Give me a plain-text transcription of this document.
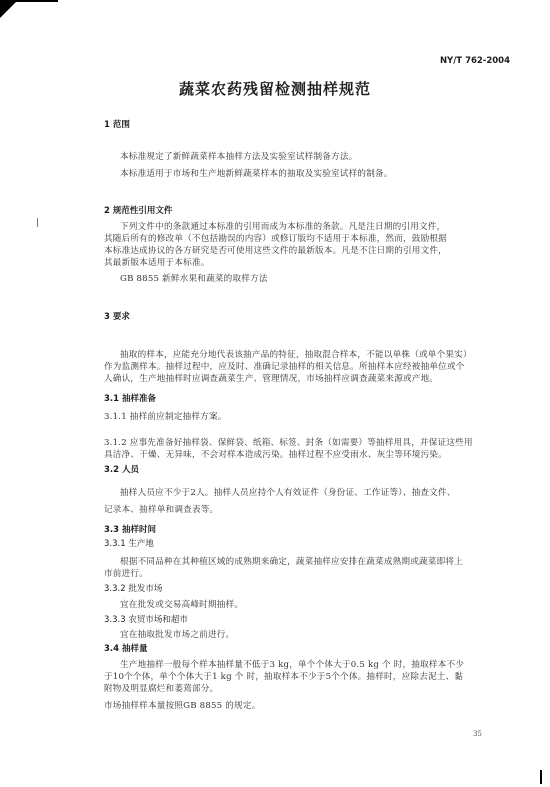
NY/T 762-2004
蔬菜农药残留检测抽样规范
1 范围
本标准规定了新鲜蔬菜样本抽样方法及实验室试样制备方法。
本标准适用于市场和生产地新鲜蔬菜样本的抽取及实验室试样的制备。
2 规范性引用文件
下列文件中的条款通过本标准的引用而成为本标准的条款。凡是注日期的引用文件，
其随后所有的修改单（不包括勘误的内容）或修订版均不适用于本标准，然而，鼓励根据
本标准达成协议的各方研究是否可使用这些文件的最新版本。凡是不注日期的引用文件，
其最新版本适用于本标准。
GB 8855 新鲜水果和蔬菜的取样方法
3 要求
抽取的样本，应能充分地代表该抽产品的特征，抽取混合样本，不能以单株（或单个果实）
作为监测样本。抽样过程中，应及时、准确记录抽样的相关信息。所抽样本应经被抽单位或个
人确认，生产地抽样时应调查蔬菜生产、管理情况，市场抽样应调查蔬菜来源或产地。
3.1 抽样准备
3.1.1 抽样前应制定抽样方案。
3.1.2 应事先准备好抽样袋、保鲜袋、纸箱、标签、封条（如需要）等抽样用具，并保证这些用
具洁净、干燥、无异味，不会对样本造成污染。抽样过程不应受雨水、灰尘等环境污染。
3.2 人员
抽样人员应不少于2人。抽样人员应持个人有效证件（身份证、工作证等）、抽查文件、
记录本、抽样单和调查表等。
3.3 抽样时间
3.3.1 生产地
根据不同品种在其种植区域的成熟期来确定，蔬菜抽样应安排在蔬菜成熟期或蔬菜即将上
市前进行。
3.3.2 批发市场
宜在批发或交易高峰时期抽样。
3.3.3 农贸市场和超市
宜在抽取批发市场之前进行。
3.4 抽样量
生产地抽样一般每个样本抽样量不低于3 kg，单个个体大于0.5 kg 个 时，抽取样本不少
于10个个体，单个个体大于1 kg 个 时，抽取样本不少于5个个体。抽样时，应除去泥土、黏
附物及明显腐烂和萎蔫部分。
市场抽样样本量按照GB 8855 的规定。
35
